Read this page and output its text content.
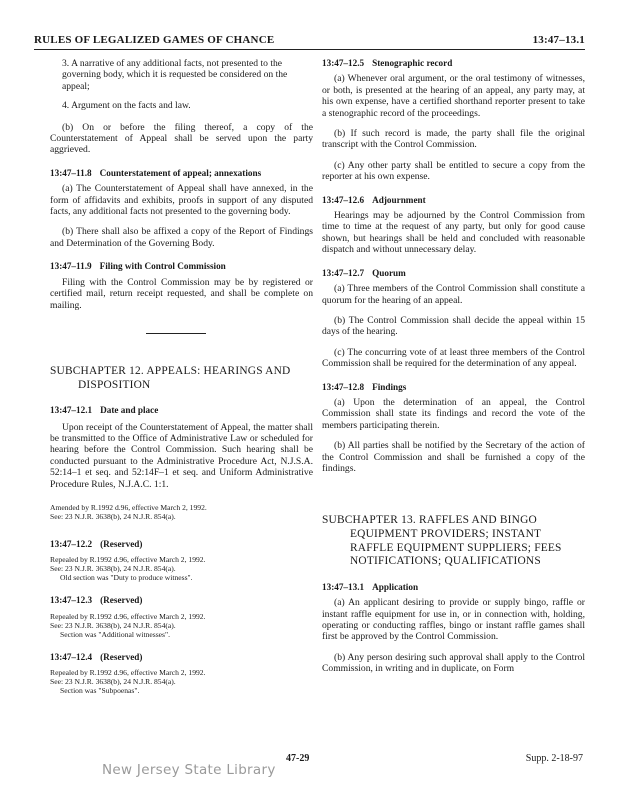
RULES OF LEGALIZED GAMES OF CHANCE	13:47–13.1

3. A narrative of any additional facts, not presented to the governing body, which it is requested be considered on the appeal;

4. Argument on the facts and law.

(b) On or before the filing thereof, a copy of the Counterstatement of Appeal shall be served upon the party aggrieved.

13:47–11.8 Counterstatement of appeal; annexations

(a) The Counterstatement of Appeal shall have annexed, in the form of affidavits and exhibits, proofs in support of any disputed facts, any additional facts not presented to the governing body.

(b) There shall also be affixed a copy of the Report of Findings and Determination of the Governing Body.

13:47–11.9 Filing with Control Commission

Filing with the Control Commission may be by registered or certified mail, return receipt requested, and shall be complete on mailing.

SUBCHAPTER 12. APPEALS: HEARINGS AND DISPOSITION

13:47–12.1 Date and place

Upon receipt of the Counterstatement of Appeal, the matter shall be transmitted to the Office of Administrative Law or scheduled for hearing before the Control Commission. Such hearing shall be conducted pursuant to the Administrative Procedure Act, N.J.S.A. 52:14–1 et seq. and 52:14F–1 et seq. and Uniform Administrative Procedure Rules, N.J.A.C. 1:1.

Amended by R.1992 d.96, effective March 2, 1992.
See: 23 N.J.R. 3638(b), 24 N.J.R. 854(a).

13:47–12.2 (Reserved)

Repealed by R.1992 d.96, effective March 2, 1992.
See: 23 N.J.R. 3638(b), 24 N.J.R. 854(a).
Old section was "Duty to produce witness".

13:47–12.3 (Reserved)

Repealed by R.1992 d.96, effective March 2, 1992.
See: 23 N.J.R. 3638(b), 24 N.J.R. 854(a).
Section was "Additional witnesses".

13:47–12.4 (Reserved)

Repealed by R.1992 d.96, effective March 2, 1992.
See: 23 N.J.R. 3638(b), 24 N.J.R. 854(a).
Section was "Subpoenas".

13:47–12.5 Stenographic record

(a) Whenever oral argument, or the oral testimony of witnesses, or both, is presented at the hearing of an appeal, any party may, at his own expense, have a certified shorthand reporter present to take a stenographic record of the proceedings.

(b) If such record is made, the party shall file the original transcript with the Control Commission.

(c) Any other party shall be entitled to secure a copy from the reporter at his own expense.

13:47–12.6 Adjournment

Hearings may be adjourned by the Control Commission from time to time at the request of any party, but only for good cause shown, but hearings shall be held and concluded with reasonable dispatch and without unnecessary delay.

13:47–12.7 Quorum

(a) Three members of the Control Commission shall constitute a quorum for the hearing of an appeal.

(b) The Control Commission shall decide the appeal within 15 days of the hearing.

(c) The concurring vote of at least three members of the Control Commission shall be required for the determination of any appeal.

13:47–12.8 Findings

(a) Upon the determination of an appeal, the Control Commission shall state its findings and record the vote of the members participating therein.

(b) All parties shall be notified by the Secretary of the action of the Control Commission and shall be furnished a copy of the findings.

SUBCHAPTER 13. RAFFLES AND BINGO EQUIPMENT PROVIDERS; INSTANT RAFFLE EQUIPMENT SUPPLIERS; FEES NOTIFICATIONS; QUALIFICATIONS

13:47–13.1 Application

(a) An applicant desiring to provide or supply bingo, raffle or instant raffle equipment for use in, or in connection with, holding, operating or conducting raffles, bingo or instant raffle games shall first be approved by the Control Commission.

(b) Any person desiring such approval shall apply to the Control Commission, in writing and in duplicate, on Form

47-29	Supp. 2-18-97
New Jersey State Library
